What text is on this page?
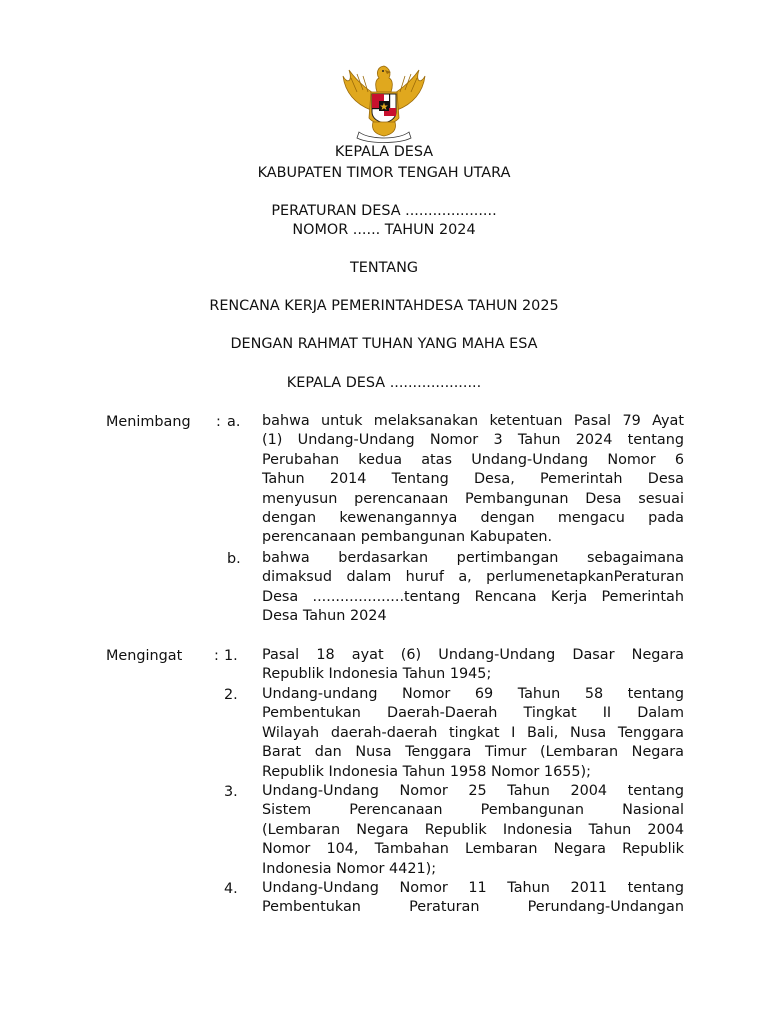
KEPALA DESA
KABUPATEN TIMOR TENGAH UTARA
PERATURAN DESA ....................
NOMOR ...... TAHUN 2024
TENTANG
RENCANA KERJA PEMERINTAHDESA TAHUN 2025
DENGAN RAHMAT TUHAN YANG MAHA ESA
KEPALA DESA ....................
Menimbang : a. bahwa untuk melaksanakan ketentuan Pasal 79 Ayat
(1) Undang-Undang Nomor 3 Tahun 2024 tentang
Perubahan kedua atas Undang-Undang Nomor 6
Tahun 2014 Tentang Desa, Pemerintah Desa
menyusun perencanaan Pembangunan Desa sesuai
dengan kewenangannya dengan mengacu pada
perencanaan pembangunan Kabupaten.
b. bahwa berdasarkan pertimbangan sebagaimana
dimaksud dalam huruf a, perlumenetapkanPeraturan
Desa ....................tentang Rencana Kerja Pemerintah
Desa Tahun 2024
Mengingat : 1. Pasal 18 ayat (6) Undang-Undang Dasar Negara
Republik Indonesia Tahun 1945;
2. Undang-undang Nomor 69 Tahun 58 tentang
Pembentukan Daerah-Daerah Tingkat II Dalam
Wilayah daerah-daerah tingkat I Bali, Nusa Tenggara
Barat dan Nusa Tenggara Timur (Lembaran Negara
Republik Indonesia Tahun 1958 Nomor 1655);
3. Undang-Undang Nomor 25 Tahun 2004 tentang
Sistem Perencanaan Pembangunan Nasional
(Lembaran Negara Republik Indonesia Tahun 2004
Nomor 104, Tambahan Lembaran Negara Republik
Indonesia Nomor 4421);
4. Undang-Undang Nomor 11 Tahun 2011 tentang
Pembentukan Peraturan Perundang-Undangan
